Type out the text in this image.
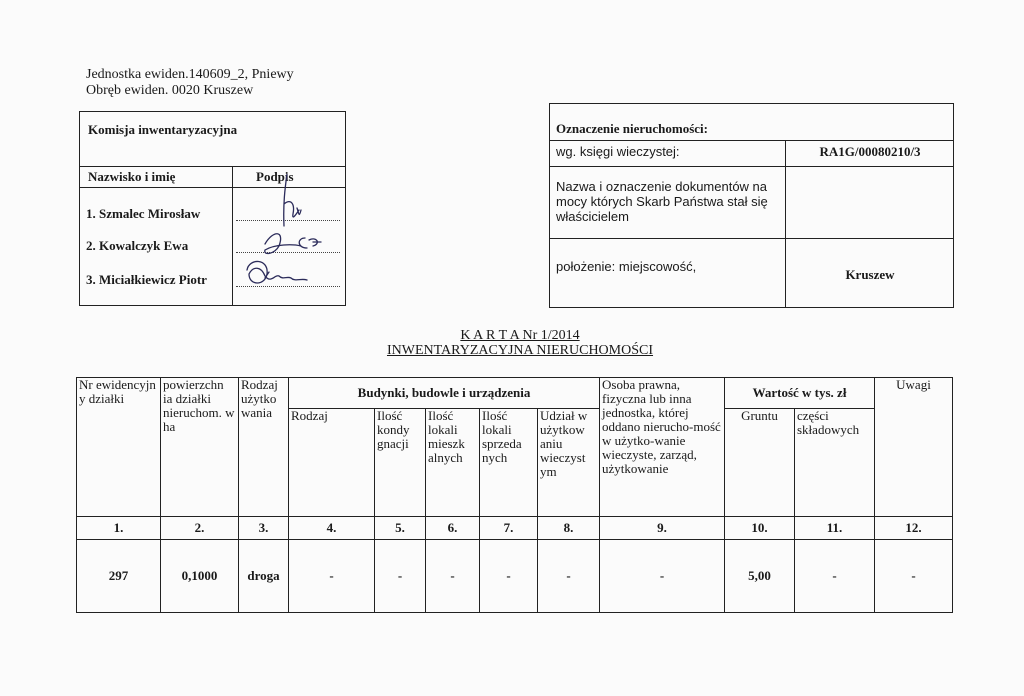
Jednostka ewiden.140609_2, Pniewy
Obręb ewiden. 0020 Kruszew
Komisja inwentaryzacyjna
Nazwisko i imię	Podpis
1. Szmalec Mirosław
2. Kowalczyk Ewa
3. Miciałkiewicz Piotr
Oznaczenie nieruchomości:
wg. księgi wieczystej:	RA1G/00080210/3
Nazwa i oznaczenie dokumentów na mocy których Skarb Państwa stał się właścicielem
położenie: miejscowość,
Kruszew
K A R T A Nr 1/2014
INWENTARYZACYJNA NIERUCHOMOŚCI
Nr ewidencyjn y działki	powierzchn ia działki nieruchom. w ha	Rodzaj użytko wania	Budynki, budowle i urządzenia					Osoba prawna, fizyczna lub inna jednostka, której oddano nierucho-mość w użytko-wanie wieczyste, zarząd, użytkowanie	Wartość w tys. zł		Uwagi
			Rodzaj	Ilość kondy gnacji	Ilość lokali mieszk alnych	Ilość lokali sprzeda nych	Udział w użytkow aniu wieczyst ym		Gruntu	części składowych	
1.	2.	3.	4.	5.	6.	7.	8.	9.	10.	11.	12.
297	0,1000	droga	-	-	-	-	-	-	5,00	-	-
